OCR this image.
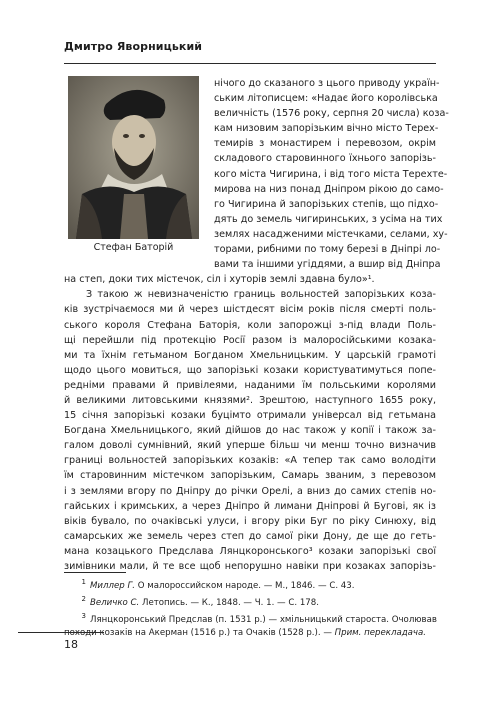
Дмитро Яворницький
Стефан Баторій
нічого до сказаного з цього приводу україн-
ським літописцем: «Надає його королівська
величність (1576 року, серпня 20 числа) коза-
кам низовим запорізьким вічно місто Терех-
темирів з монастирем і перевозом, окрім
складового старовинного їхнього запорізь-
кого міста Чигирина, і від того міста Терехте-
мирова на низ понад Дніпром рікою до само-
го Чигирина й запорізьких степів, що підхо-
дять до земель чигиринських, з усіма на тих
землях насадженими містечками, селами, ху-
торами, рибними по тому березі в Дніпрі ло-
вами та іншими угіддями, а вшир від Дніпра
на степ, доки тих містечок, сіл і хуторів землі здавна було»¹.
З такою ж невизначеністю границь вольностей запорізьких коза-
ків зустрічаємося ми й через шістдесят вісім років після смерті поль-
ського короля Стефана Баторія, коли запорожці з-під влади Поль-
щі перейшли під протекцію Росії разом із малоросійськими козака-
ми та їхнім гетьманом Богданом Хмельницьким. У царській грамоті
щодо цього мовиться, що запорізькі козаки користуватимуться попе-
редніми правами й привілеями, наданими їм польськими королями
й великими литовськими князями². Зрештою, наступного 1655 року,
15 січня запорізькі козаки буцімто отримали універсал від гетьмана
Богдана Хмельницького, який дійшов до нас також у копії і також за-
галом доволі сумнівний, який уперше більш чи менш точно визначив
границі вольностей запорізьких козаків: «А тепер так само володіти
їм старовинним містечком запорізьким, Самарь званим, з перевозом
і з землями вгору по Дніпру до річки Орелі, а вниз до самих степів но-
гайських і кримських, а через Дніпро й лимани Дніпрові й Бугові, як із
віків бувало, по очаківські улуси, і вгору ріки Буг по ріку Синюху, від
самарських же земель через степ до самої ріки Дону, де ще до геть-
мана козацького Предслава Лянцкоронського³ козаки запорізькі свої
зимівники мали, й те все щоб непорушно навіки при козаках запорізь-
1 Миллер Г. О малороссийском народе. — М., 1846. — С. 43.
2 Величко С. Летопись. — К., 1848. — Ч. 1. — С. 178.
3 Лянцкоронський Предслав (п. 1531 р.) — хмільницький староста. Очолював
походи козаків на Акерман (1516 р.) та Очаків (1528 р.). — Прим. перекладача.
18
